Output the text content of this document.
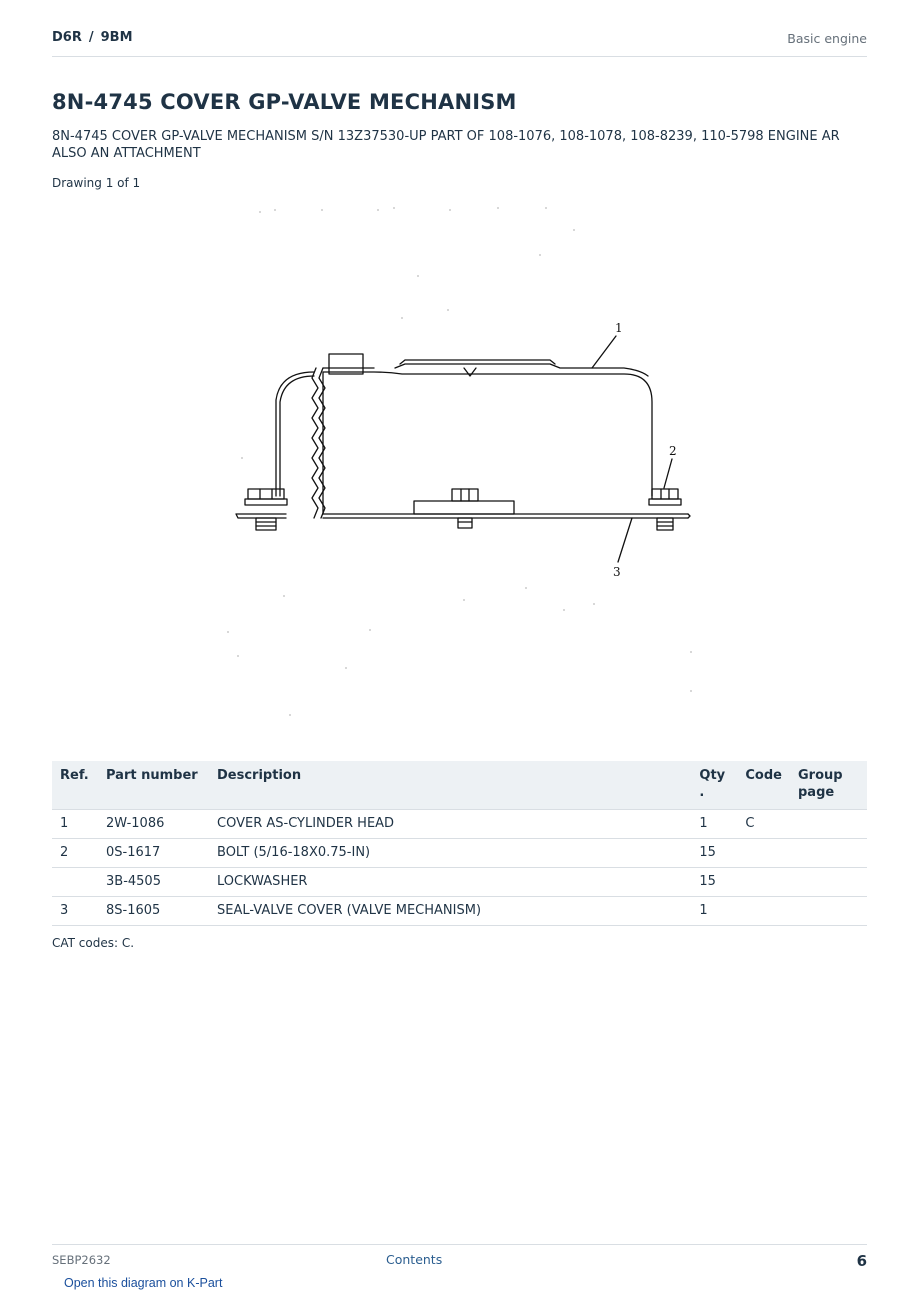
D6R / 9BM	Basic engine
8N-4745 COVER GP-VALVE MECHANISM
8N-4745 COVER GP-VALVE MECHANISM S/N 13Z37530-UP PART OF 108-1076, 108-1078, 108-8239, 110-5798 ENGINE AR ALSO AN ATTACHMENT
Drawing 1 of 1
1
2
3
Ref.	Part number	Description	Qty .	Code	Group page
1	2W-1086	COVER AS-CYLINDER HEAD	1	C	
2	0S-1617	BOLT (5/16-18X0.75-IN)	15		
	3B-4505	LOCKWASHER	15		
3	8S-1605	SEAL-VALVE COVER (VALVE MECHANISM)	1		
CAT codes: C.
SEBP2632	Contents	6
Open this diagram on K-Part
